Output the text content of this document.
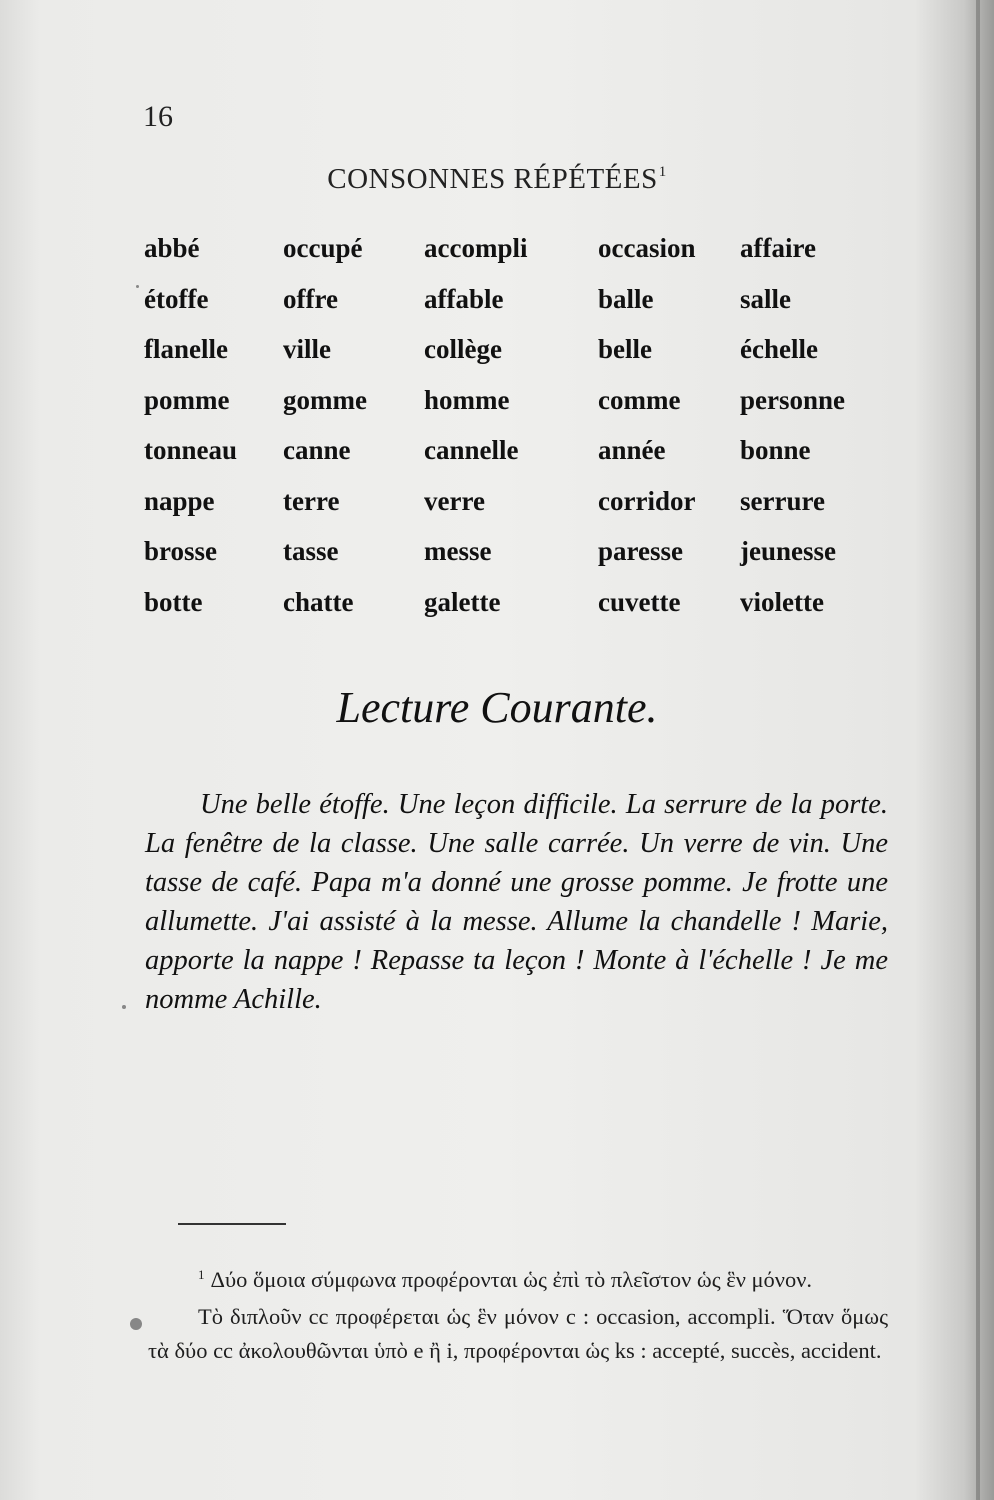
16
CONSONNES RÉPÉTÉES$^1$
abbé	occupé	accompli	occasion	affaire
étoffe	offre	affable	balle	salle
flanelle	ville	collège	belle	échelle
pomme	gomme	homme	comme	personne
tonneau	canne	cannelle	année	bonne
nappe	terre	verre	corridor	serrure
brosse	tasse	messe	paresse	jeunesse
botte	chatte	galette	cuvette	violette
Lecture Courante.

Une belle étoffe. Une leçon difficile. La serrure de la porte. La fenêtre de la classe. Une salle carrée. Un verre de vin. Une tasse de café. Papa m'a donné une grosse pomme. Je frotte une allumette. J'ai assisté à la messe. Allume la chandelle ! Marie, apporte la nappe ! Repasse ta leçon ! Monte à l'échelle ! Je me nomme Achille.

$^1$ Δύο ὅμοια σύμφωνα προφέρονται ὡς ἐπὶ τὸ πλεῖστον ὡς ἓν μόνον.

Τὸ διπλοῦν cc προφέρεται ὡς ἓν μόνον c : occasion, accompli. Ὅταν ὅμως τὰ δύο cc ἀκολουθῶνται ὑπὸ e ἢ i, προφέρονται ὡς ks : accepté, succès, accident.
